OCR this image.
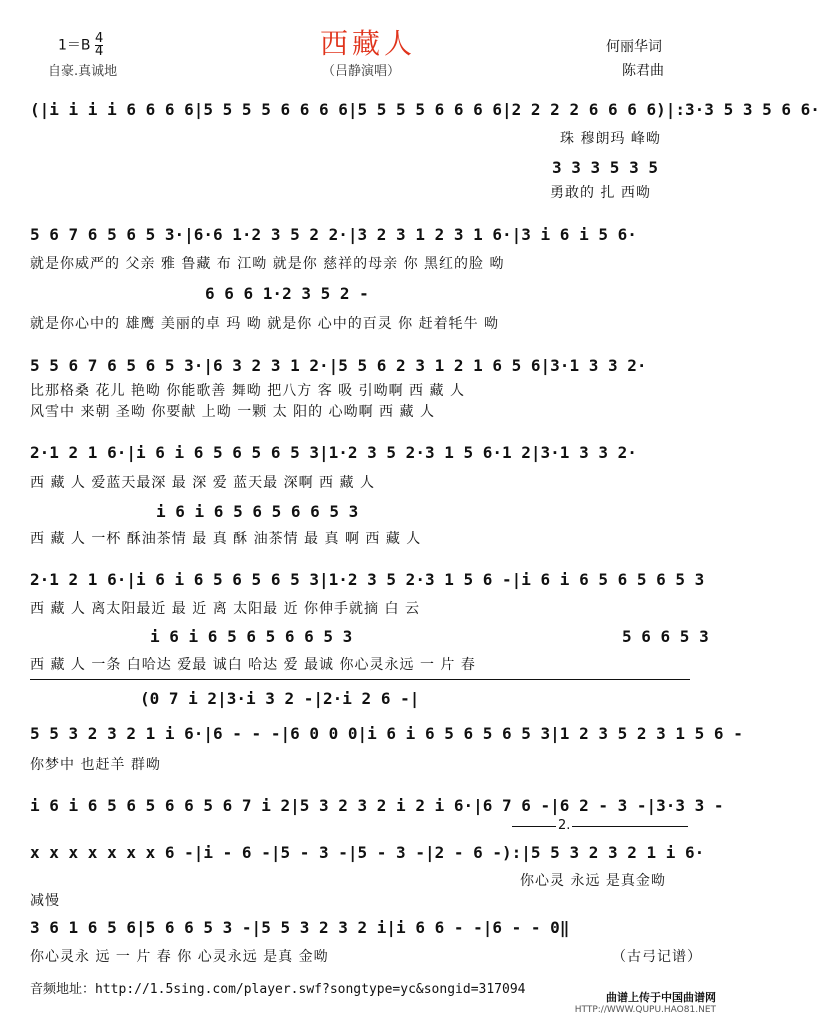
$1=B \frac{4}{4}$	西藏人	何丽华词
自豪.真诚地	（吕静演唱）	陈君曲
(|i i i i 6 6 6 6|5 5 5 5 6 6 6 6|5 5 5 5 6 6 6 6|2 2 2 2 6 6 6 6)|:3·3 5 3 5 6 6·
珠 穆朗玛 峰呦
3 3 3 5 3 5
勇敢的 扎 西呦
5 6 7 6 5 6 5 3·|6·6 1·2 3 5 2 2·|3 2 3 1 2 3 1 6·|3 i 6 i 5 6·
就是你威严的 父亲 雅 鲁藏 布 江呦 就是你 慈祥的母亲 你 黑红的脸 呦
6 6 6 1·2 3 5 2 -
就是你心中的 雄鹰 美丽的卓 玛 呦 就是你 心中的百灵 你 赶着牦牛 呦
5 5 6 7 6 5 6 5 3·|6 3 2 3 1 2·|5 5 6 2 3 1 2 1 6 5 6|3·1 3 3 2·
比那格桑 花儿 艳呦 你能歌善 舞呦 把八方 客 吸 引呦啊 西 藏 人
风雪中 来朝 圣呦 你要献 上呦 一颗 太 阳的 心呦啊 西 藏 人
2·1 2 1 6·|i 6 i 6 5 6 5 6 5 3|1·2 3 5 2·3 1 5 6·1 2|3·1 3 3 2·
西 藏 人 爱蓝天最深 最 深 爱 蓝天最 深啊 西 藏 人
i 6 i 6 5 6 5 6 6 5 3
西 藏 人 一杯 酥油茶情 最 真 酥 油茶情 最 真 啊 西 藏 人
2·1 2 1 6·|i 6 i 6 5 6 5 6 5 3|1·2 3 5 2·3 1 5 6 -|i 6 i 6 5 6 5 6 5 3
西 藏 人 离太阳最近 最 近 离 太阳最 近 你伸手就摘 白 云
i 6 i 6 5 6 5 6 6 5 3	5 6 6 5 3
西 藏 人 一条 白哈达 爱最 诚白 哈达 爱 最诚 你心灵永远 一 片 春
(0 7 i 2|3·i 3 2 -|2·i 2 6 -|
5 5 3 2 3 2 1 i 6·|6 - - -|6 0 0 0|i 6 i 6 5 6 5 6 5 3|1 2 3 5 2 3 1 5 6 -
你梦中 也赶羊 群呦
i 6 i 6 5 6 5 6 6 5 6 7 i 2|5 3 2 3 2 i 2 i 6·|6 7 6 -|6 2 - 3 -|3·3 3 -
2.
x x x x x x x 6 -|i - 6 -|5 - 3 -|5 - 3 -|2 - 6 -):|5 5 3 2 3 2 1 i 6·
你心灵 永远 是真金呦
减慢
3 6 1 6 5 6|5 6 6 5 3 -|5 5 3 2 3 2 i|i 6 6 - -|6 - - 0‖
你心灵永 远 一 片 春 你 心灵永远 是真 金呦	（古弓记谱）
音频地址：http://1.5sing.com/player.swf?songtype=yc&songid=317094
曲谱上传于中国曲谱网
HTTP://WWW.QUPU.HAO81.NET
